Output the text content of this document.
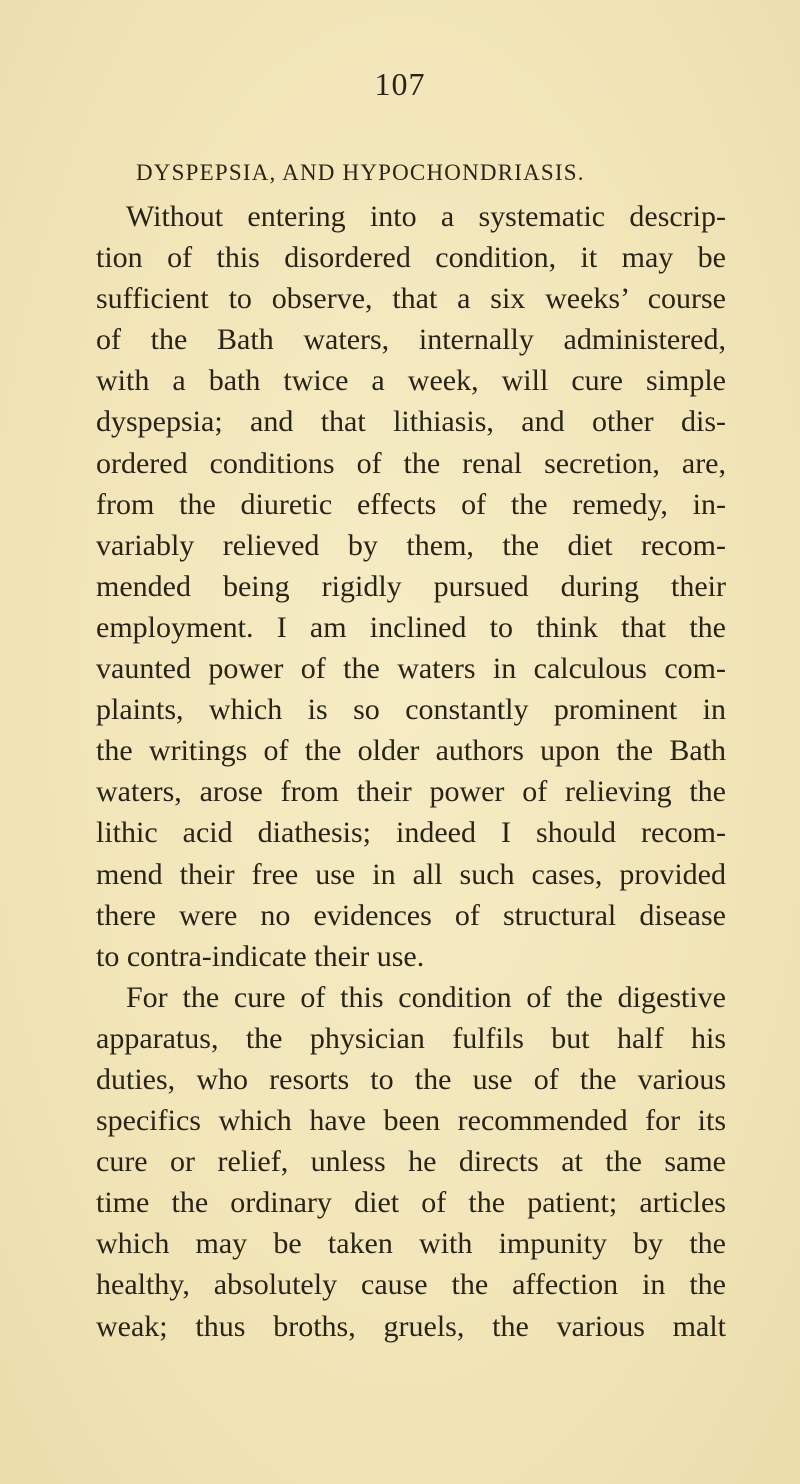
107
DYSPEPSIA, AND HYPOCHONDRIASIS.
Without entering into a systematic descrip-
tion of this disordered condition, it may be
sufficient to observe, that a six weeks’ course
of the Bath waters, internally administered,
with a bath twice a week, will cure simple
dyspepsia; and that lithiasis, and other dis-
ordered conditions of the renal secretion, are,
from the diuretic effects of the remedy, in-
variably relieved by them, the diet recom-
mended being rigidly pursued during their
employment. I am inclined to think that the
vaunted power of the waters in calculous com-
plaints, which is so constantly prominent in
the writings of the older authors upon the Bath
waters, arose from their power of relieving the
lithic acid diathesis; indeed I should recom-
mend their free use in all such cases, provided
there were no evidences of structural disease
to contra-indicate their use.
For the cure of this condition of the digestive
apparatus, the physician fulfils but half his
duties, who resorts to the use of the various
specifics which have been recommended for its
cure or relief, unless he directs at the same
time the ordinary diet of the patient; articles
which may be taken with impunity by the
healthy, absolutely cause the affection in the
weak; thus broths, gruels, the various malt
